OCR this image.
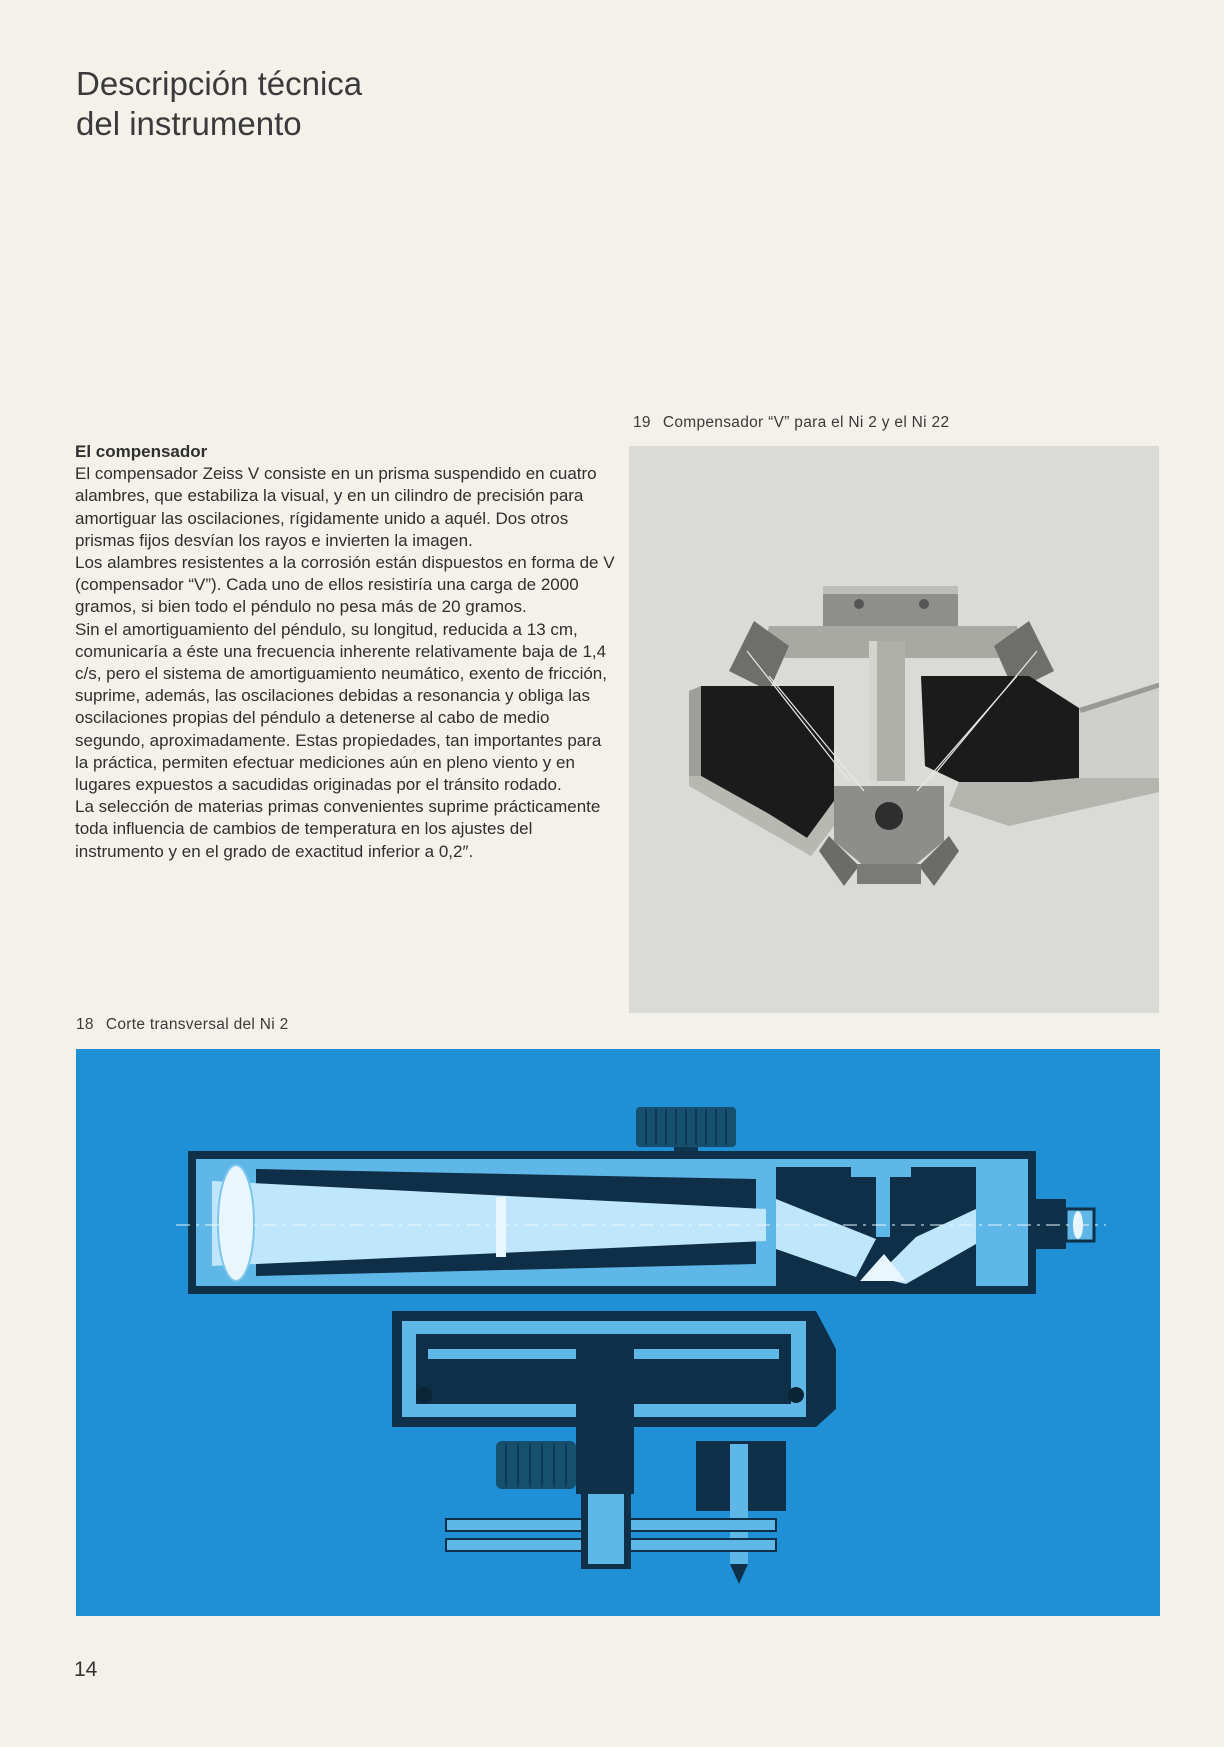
Descripción técnica
del instrumento
19 Compensador “V” para el Ni 2 y el Ni 22
El compensador

El compensador Zeiss V consiste en un prisma suspendido en cuatro alambres, que estabiliza la visual, y en un cilindro de precisión para amortiguar las oscilaciones, rígidamente unido a aquél. Dos otros prismas fijos desvían los rayos e invierten la imagen.

Los alambres resistentes a la corrosión están dispuestos en forma de V (compensador “V”). Cada uno de ellos resistiría una carga de 2000 gramos, si bien todo el péndulo no pesa más de 20 gramos.

Sin el amortiguamiento del péndulo, su longitud, reducida a 13 cm, comunicaría a éste una frecuencia inherente relativamente baja de 1,4 c/s, pero el sistema de amortiguamiento neumático, exento de fricción, suprime, además, las oscilaciones debidas a resonancia y obliga las oscilaciones propias del péndulo a detenerse al cabo de medio segundo, aproximadamente. Estas propiedades, tan importantes para la práctica, permiten efectuar mediciones aún en pleno viento y en lugares expuestos a sacudidas originadas por el tránsito rodado.

La selección de materias primas convenientes suprime prácticamente toda influencia de cambios de temperatura en los ajustes del instrumento y en el grado de exactitud inferior a 0,2″.

18 Corte transversal del Ni 2
14
